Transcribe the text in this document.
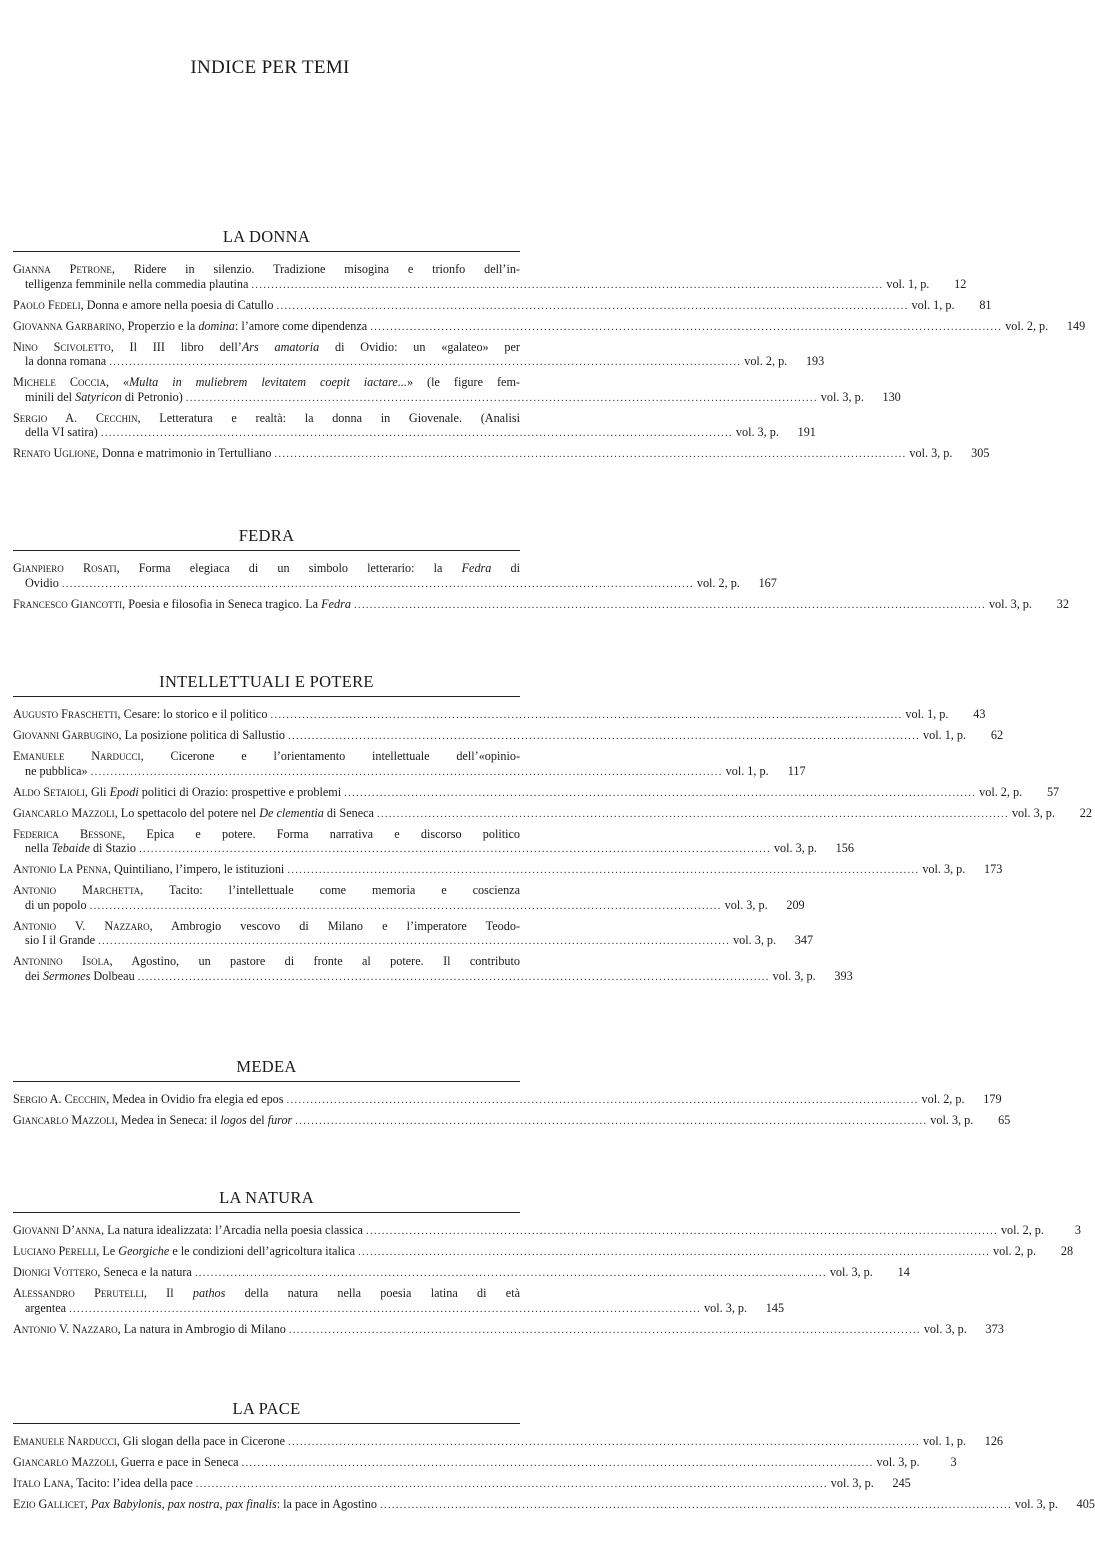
INDICE PER TEMI
LA DONNA
Gianna Petrone, Ridere in silenzio. Tradizione misogina e trionfo dell’in-
telligenza femminile nella commedia plautina .....	vol. 1, p.	12
Paolo Fedeli, Donna e amore nella poesia di Catullo .....	vol. 1, p.	81
Giovanna Garbarino, Properzio e la domina: l’amore come dipendenza .....	vol. 2, p.	149
Nino Scivoletto, Il III libro dell’Ars amatoria di Ovidio: un «galateo» per
la donna romana .....	vol. 2, p.	193
Michele Coccia, «Multa in muliebrem levitatem coepit iactare...» (le figure fem-
minili del Satyricon di Petronio) .....	vol. 3, p.	130
Sergio A. Cecchin, Letteratura e realtà: la donna in Giovenale. (Analisi
della VI satira) .....	vol. 3, p.	191
Renato Uglione, Donna e matrimonio in Tertulliano .....	vol. 3, p.	305
FEDRA
Gianpiero Rosati, Forma elegiaca di un simbolo letterario: la Fedra di
Ovidio .....	vol. 2, p.	167
Francesco Giancotti, Poesia e filosofia in Seneca tragico. La Fedra .....	vol. 3, p.	32
INTELLETTUALI E POTERE
Augusto Fraschetti, Cesare: lo storico e il politico .....	vol. 1, p.	43
Giovanni Garbugino, La posizione politica di Sallustio .....	vol. 1, p.	62
Emanuele Narducci, Cicerone e l’orientamento intellettuale dell’«opinio-
ne pubblica» .....	vol. 1, p.	117
Aldo Setaioli, Gli Epodi politici di Orazio: prospettive e problemi .....	vol. 2, p.	57
Giancarlo Mazzoli, Lo spettacolo del potere nel De clementia di Seneca .....	vol. 3, p.	22
Federica Bessone, Epica e potere. Forma narrativa e discorso politico
nella Tebaide di Stazio .....	vol. 3, p.	156
Antonio La Penna, Quintiliano, l’impero, le istituzioni .....	vol. 3, p.	173
Antonio Marchetta, Tacito: l’intellettuale come memoria e coscienza
di un popolo .....	vol. 3, p.	209
Antonio V. Nazzaro, Ambrogio vescovo di Milano e l’imperatore Teodo-
sio I il Grande .....	vol. 3, p.	347
Antonino Isola, Agostino, un pastore di fronte al potere. Il contributo
dei Sermones Dolbeau .....	vol. 3, p.	393
MEDEA
Sergio A. Cecchin, Medea in Ovidio fra elegia ed epos .....	vol. 2, p.	179
Giancarlo Mazzoli, Medea in Seneca: il logos del furor .....	vol. 3, p.	65
LA NATURA
Giovanni D’anna, La natura idealizzata: l’Arcadia nella poesia classica .....	vol. 2, p.	3
Luciano Perelli, Le Georgiche e le condizioni dell’agricoltura italica .....	vol. 2, p.	28
Dionigi Vottero, Seneca e la natura .....	vol. 3, p.	14
Alessandro Perutelli, Il pathos della natura nella poesia latina di età
argentea .....	vol. 3, p.	145
Antonio V. Nazzaro, La natura in Ambrogio di Milano .....	vol. 3, p.	373
LA PACE
Emanuele Narducci, Gli slogan della pace in Cicerone .....	vol. 1, p.	126
Giancarlo Mazzoli, Guerra e pace in Seneca .....	vol. 3, p.	3
Italo Lana, Tacito: l’idea della pace .....	vol. 3, p.	245
Ezio Gallicet, Pax Babylonis, pax nostra, pax finalis: la pace in Agostino .....	vol. 3, p.	405
